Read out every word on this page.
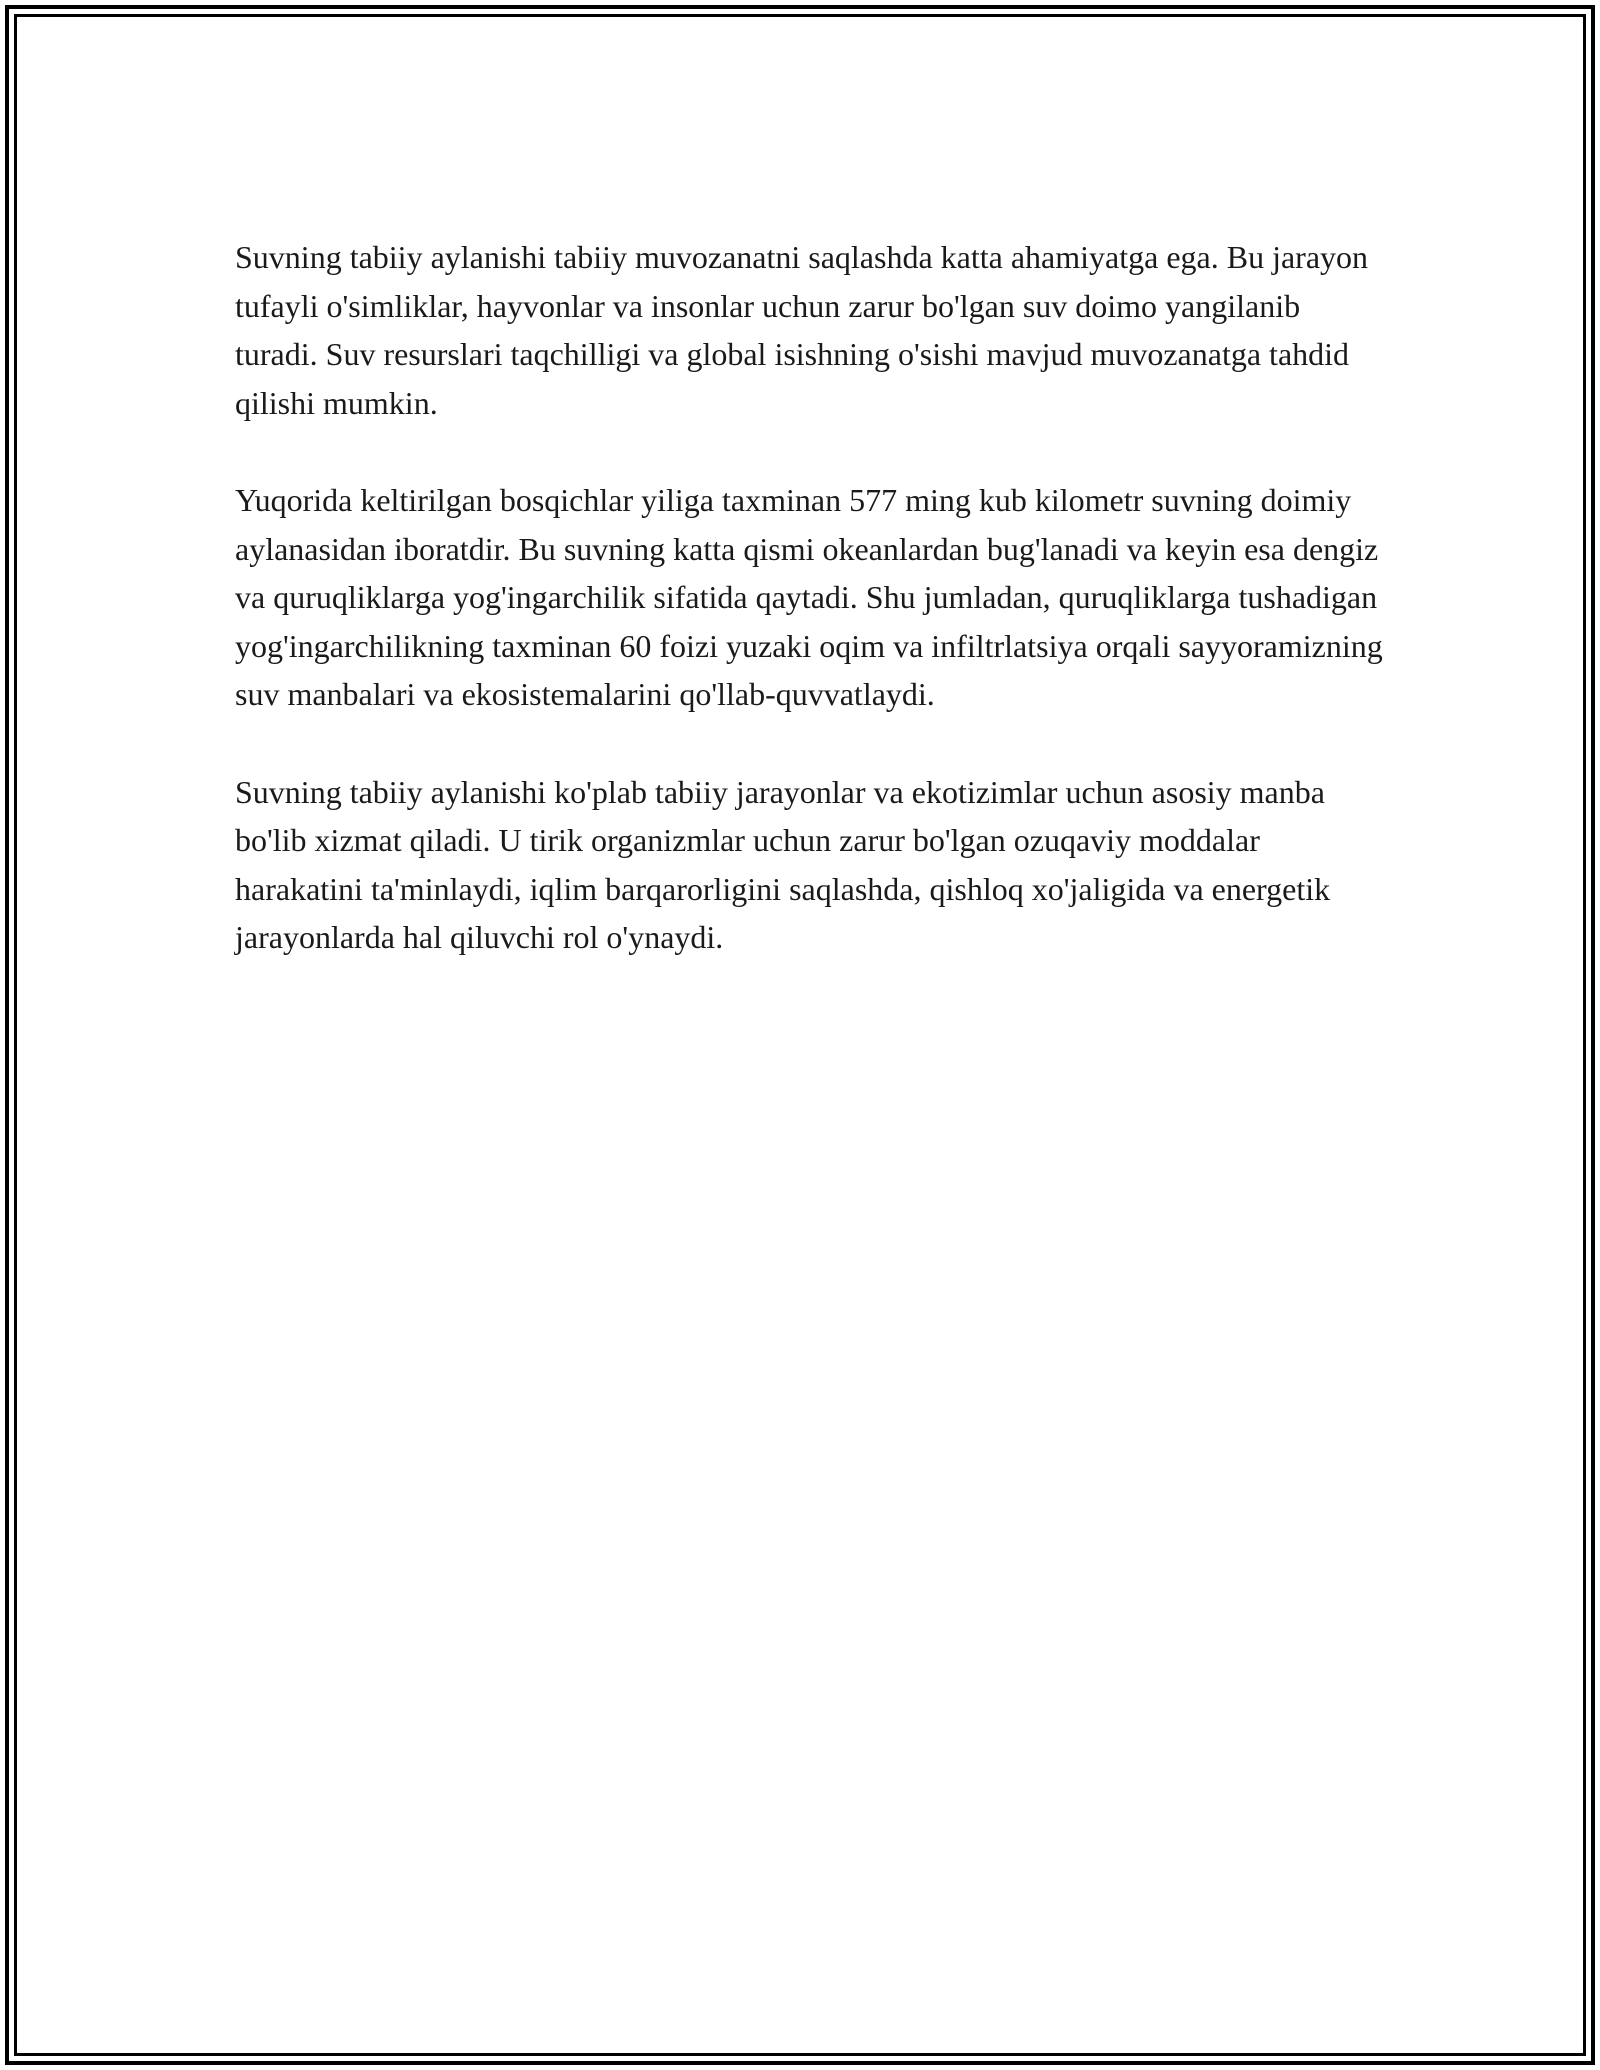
Suvning tabiiy aylanishi tabiiy muvozanatni saqlashda katta ahamiyatga ega. Bu jarayon tufayli o'simliklar, hayvonlar va insonlar uchun zarur bo'lgan suv doimo yangilanib turadi. Suv resurslari taqchilligi va global isishning o'sishi mavjud muvozanatga tahdid qilishi mumkin.

Yuqorida keltirilgan bosqichlar yiliga taxminan 577 ming kub kilometr suvning doimiy aylanasidan iboratdir. Bu suvning katta qismi okeanlardan bug'lanadi va keyin esa dengiz va quruqliklarga yog'ingarchilik sifatida qaytadi. Shu jumladan, quruqliklarga tushadigan yog'ingarchilikning taxminan 60 foizi yuzaki oqim va infiltrlatsiya orqali sayyoramizning suv manbalari va ekosistemalarini qo'llab-quvvatlaydi.

Suvning tabiiy aylanishi ko'plab tabiiy jarayonlar va ekotizimlar uchun asosiy manba bo'lib xizmat qiladi. U tirik organizmlar uchun zarur bo'lgan ozuqaviy moddalar harakatini ta'minlaydi, iqlim barqarorligini saqlashda, qishloq xo'jaligida va energetik jarayonlarda hal qiluvchi rol o'ynaydi.
